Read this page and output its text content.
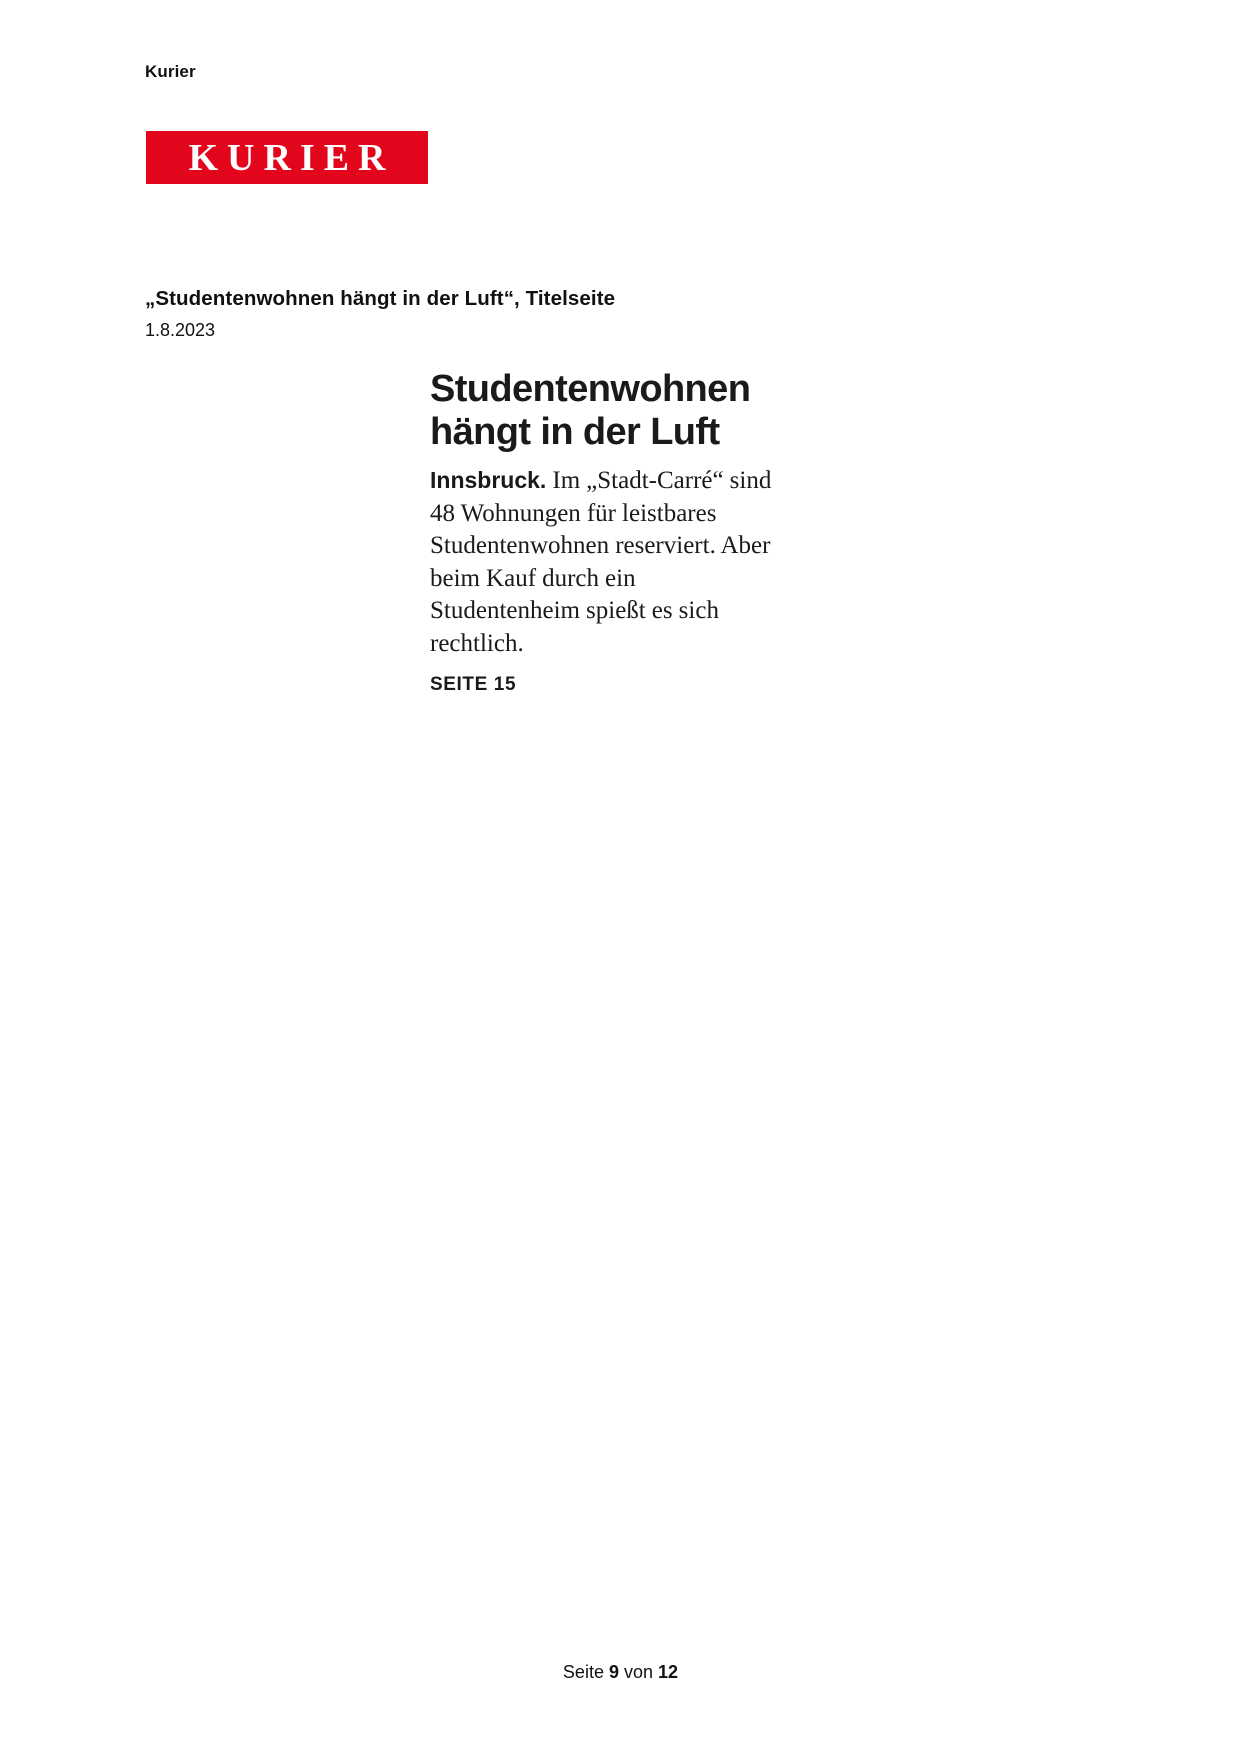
Kurier
KURIER
„Studentenwohnen hängt in der Luft“, Titelseite
1.8.2023
Studentenwohnen
hängt in der Luft

Innsbruck. Im „Stadt-Carré“ sind 48 Wohnungen für leistbares Studentenwohnen reserviert. Aber beim Kauf durch ein Studentenheim spießt es sich rechtlich.

SEITE 15
Seite 9 von 12
